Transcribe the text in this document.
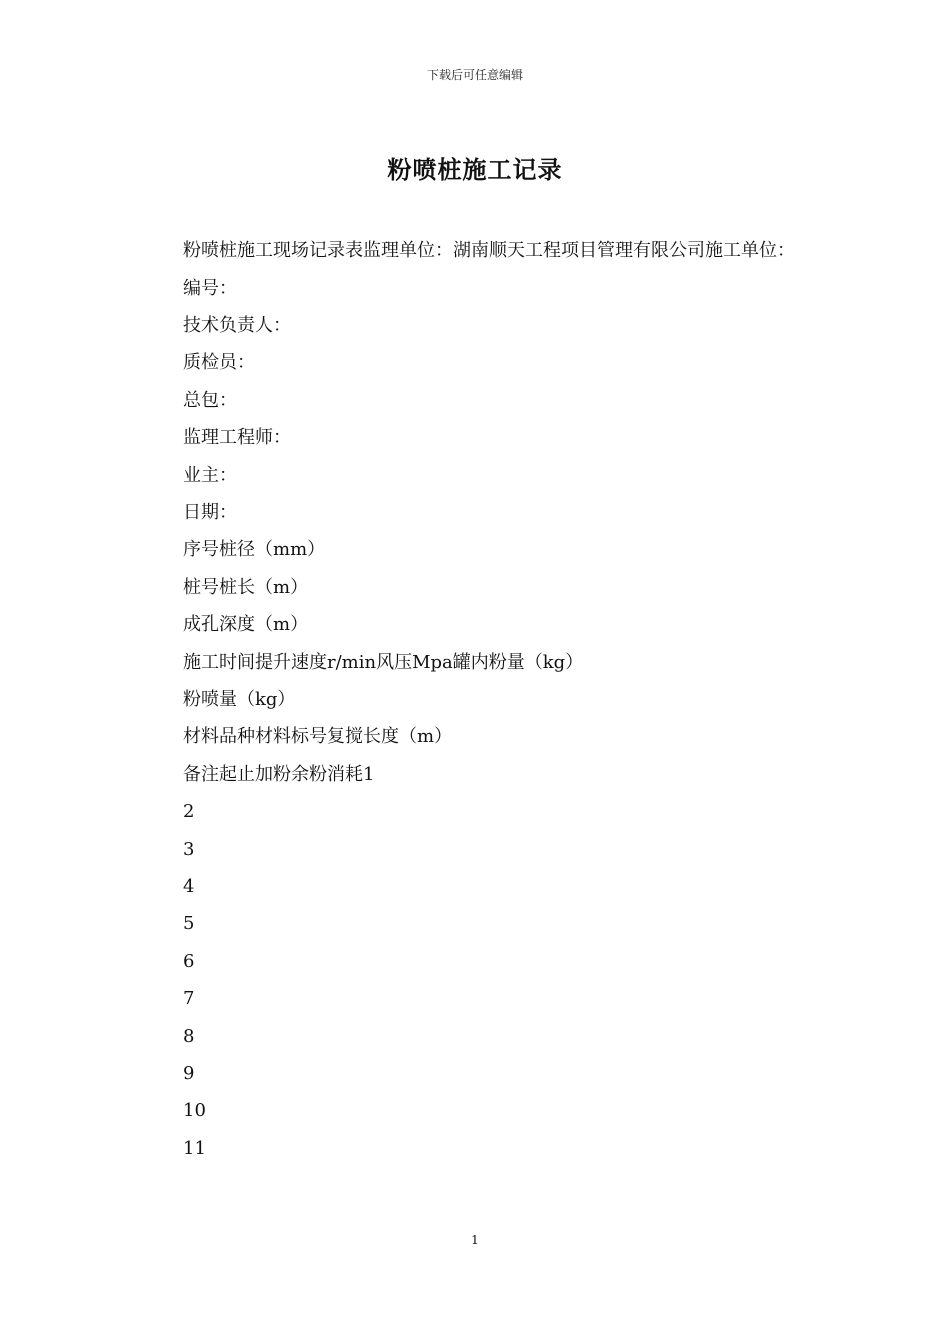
下载后可任意编辑
粉喷桩施工记录

粉喷桩施工现场记录表监理单位：湖南顺天工程项目管理有限公司施工单位：

编号：

技术负责人：

质检员：

总包：

监理工程师：

业主：

日期：

序号桩径（mm）

桩号桩长（m）

成孔深度（m）

施工时间提升速度r/min风压Mpa罐内粉量（kg）

粉喷量（kg）

材料品种材料标号复搅长度（m）

备注起止加粉余粉消耗1

2

3

4

5

6

7

8

9

10

11

1
